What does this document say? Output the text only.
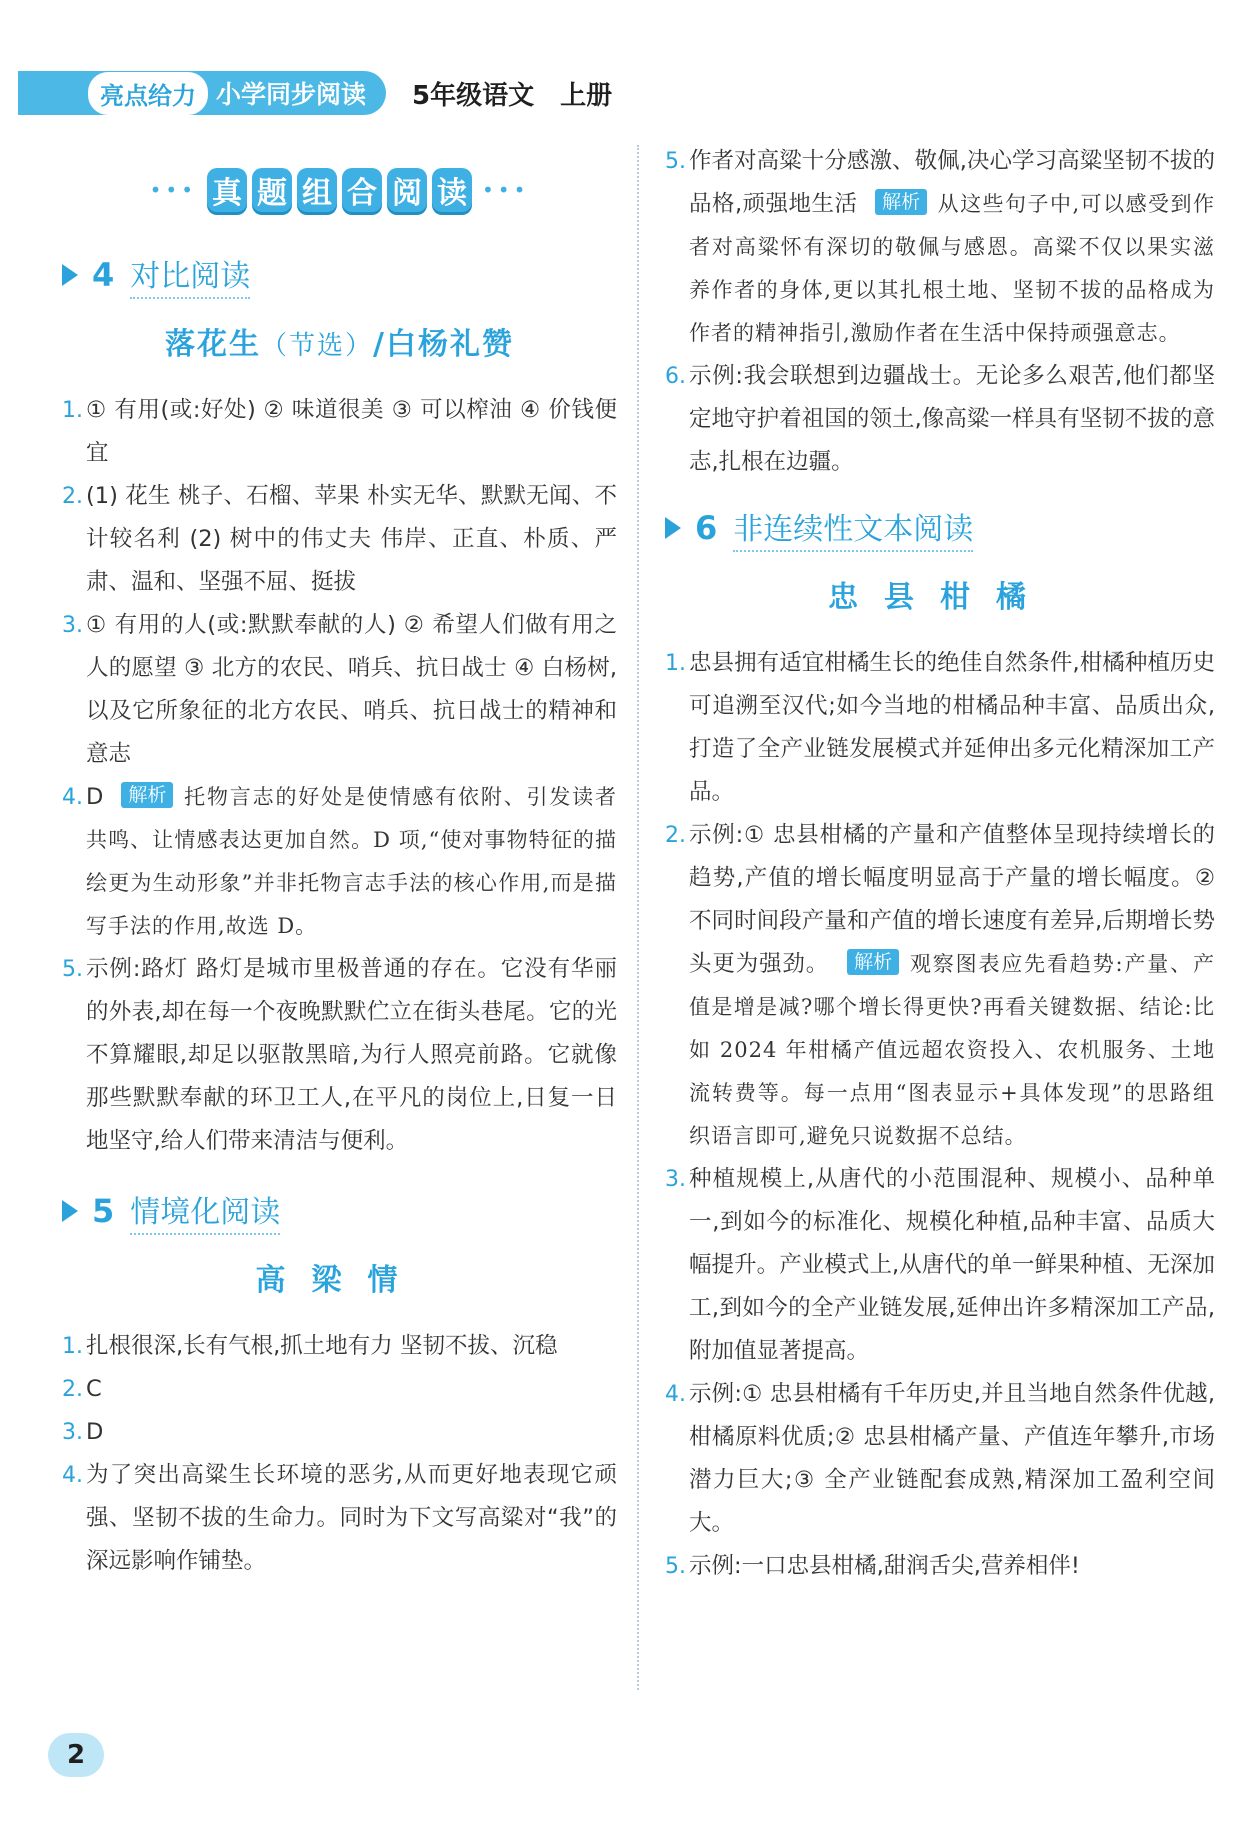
亮点给力 小学同步阅读	5年级语文 上册
••• 真 题 组 合 阅 读 •••
4 对比阅读
落花生（节选）/白杨礼赞
1. ① 有用(或:好处) ② 味道很美 ③ 可以榨油 ④ 价钱便宜
2. (1) 花生 桃子、石榴、苹果 朴实无华、默默无闻、不计较名利 (2) 树中的伟丈夫 伟岸、正直、朴质、严肃、温和、坚强不屈、挺拔
3. ① 有用的人(或:默默奉献的人) ② 希望人们做有用之人的愿望 ③ 北方的农民、哨兵、抗日战士 ④ 白杨树,以及它所象征的北方农民、哨兵、抗日战士的精神和意志
4. D 解析 托物言志的好处是使情感有依附、引发读者共鸣、让情感表达更加自然。D 项,“使对事物特征的描绘更为生动形象”并非托物言志手法的核心作用,而是描写手法的作用,故选 D。
5. 示例:路灯 路灯是城市里极普通的存在。它没有华丽的外表,却在每一个夜晚默默伫立在街头巷尾。它的光不算耀眼,却足以驱散黑暗,为行人照亮前路。它就像那些默默奉献的环卫工人,在平凡的岗位上,日复一日地坚守,给人们带来清洁与便利。
5 情境化阅读
高梁情
1. 扎根很深,长有气根,抓土地有力 坚韧不拔、沉稳
2. C
3. D
4. 为了突出高粱生长环境的恶劣,从而更好地表现它顽强、坚韧不拔的生命力。同时为下文写高粱对“我”的深远影响作铺垫。
5. 作者对高粱十分感激、敬佩,决心学习高粱坚韧不拔的品格,顽强地生活 解析 从这些句子中,可以感受到作者对高粱怀有深切的敬佩与感恩。高粱不仅以果实滋养作者的身体,更以其扎根土地、坚韧不拔的品格成为作者的精神指引,激励作者在生活中保持顽强意志。
6. 示例:我会联想到边疆战士。无论多么艰苦,他们都坚定地守护着祖国的领土,像高粱一样具有坚韧不拔的意志,扎根在边疆。
6 非连续性文本阅读
忠县柑橘
1. 忠县拥有适宜柑橘生长的绝佳自然条件,柑橘种植历史可追溯至汉代;如今当地的柑橘品种丰富、品质出众,打造了全产业链发展模式并延伸出多元化精深加工产品。
2. 示例:① 忠县柑橘的产量和产值整体呈现持续增长的趋势,产值的增长幅度明显高于产量的增长幅度。② 不同时间段产量和产值的增长速度有差异,后期增长势头更为强劲。 解析 观察图表应先看趋势:产量、产值是增是减?哪个增长得更快?再看关键数据、结论:比如 2024 年柑橘产值远超农资投入、农机服务、土地流转费等。每一点用“图表显示+具体发现”的思路组织语言即可,避免只说数据不总结。
3. 种植规模上,从唐代的小范围混种、规模小、品种单一,到如今的标准化、规模化种植,品种丰富、品质大幅提升。产业模式上,从唐代的单一鲜果种植、无深加工,到如今的全产业链发展,延伸出许多精深加工产品,附加值显著提高。
4. 示例:① 忠县柑橘有千年历史,并且当地自然条件优越,柑橘原料优质;② 忠县柑橘产量、产值连年攀升,市场潜力巨大;③ 全产业链配套成熟,精深加工盈利空间大。
5. 示例:一口忠县柑橘,甜润舌尖,营养相伴!
2
